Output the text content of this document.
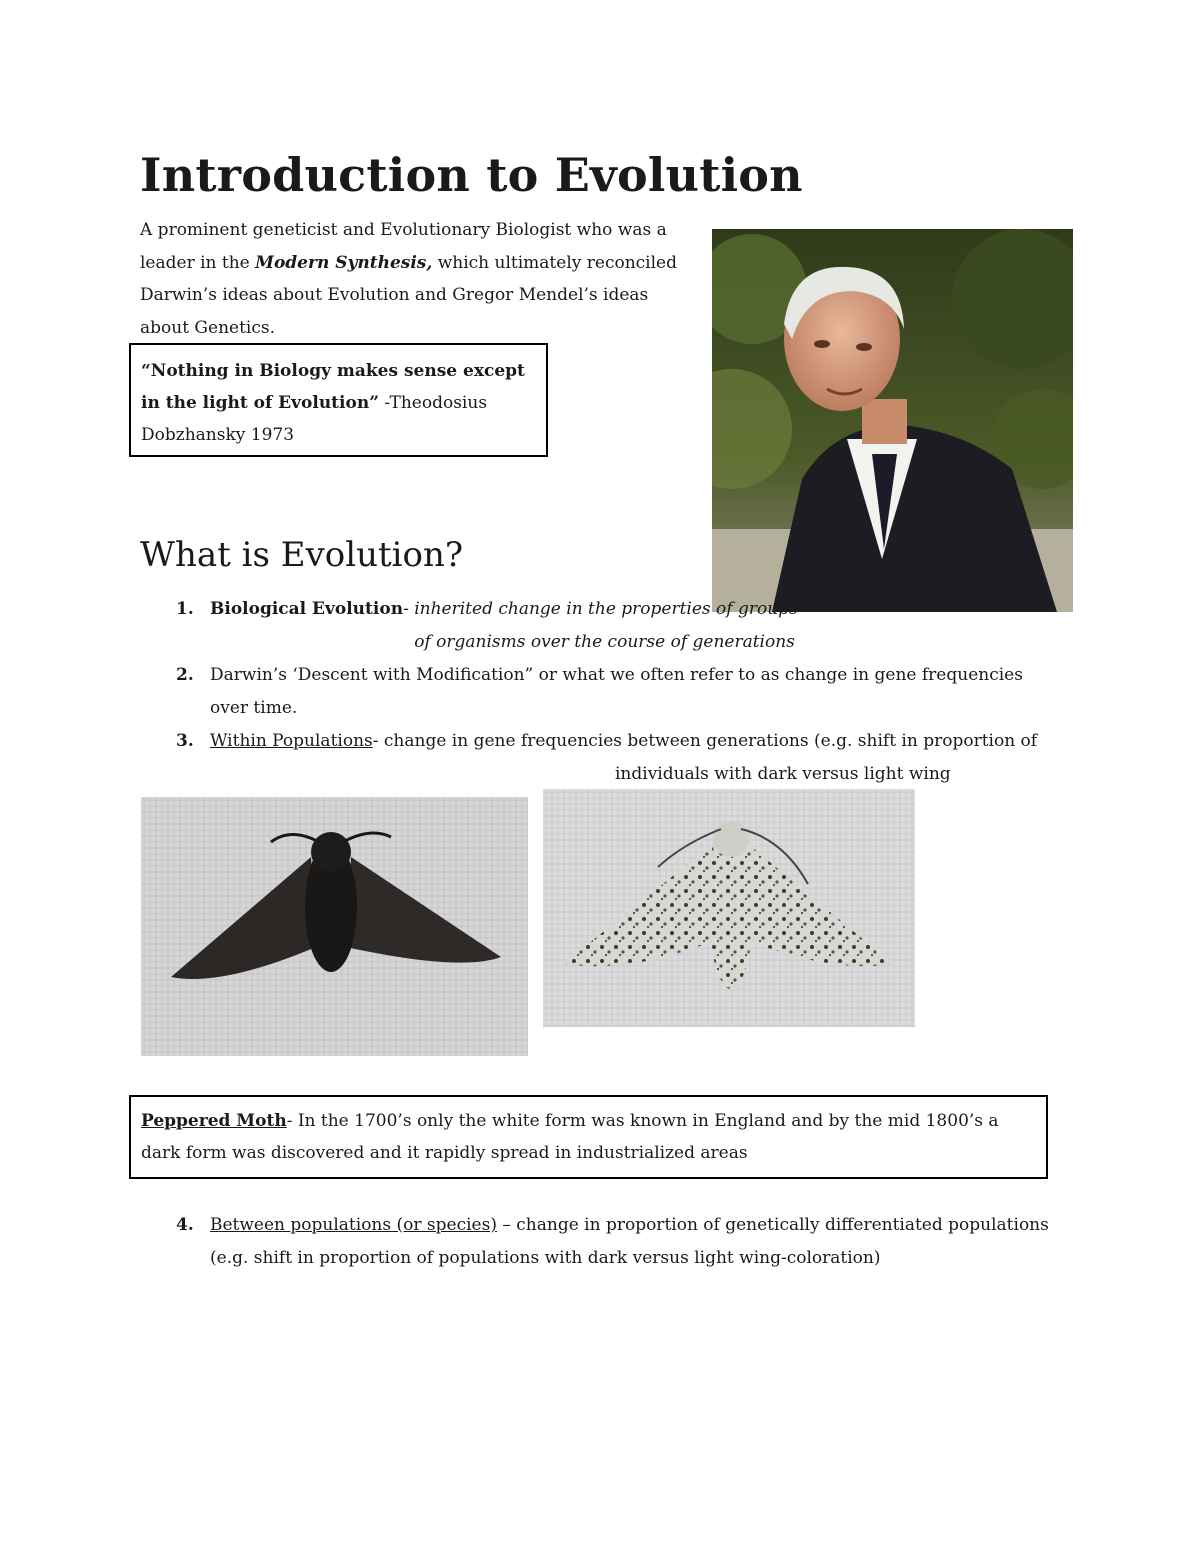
Introduction to Evolution
A prominent geneticist and Evolutionary Biologist who was a leader in the Modern Synthesis, which ultimately reconciled Darwin’s ideas about Evolution and Gregor Mendel’s ideas about Genetics.
“Nothing in Biology makes sense except in the light of Evolution” -Theodosius Dobzhansky 1973
What is Evolution?
1. Biological Evolution- inherited change in the properties of groups of organisms over the course of generations
2. Darwin’s ‘Descent with Modification” or what we often refer to as change in gene frequencies over time.
3. Within Populations- change in gene frequencies between generations (e.g. shift in proportion of
individuals with dark versus light wing
Peppered Moth- In the 1700’s only the white form was known in England and by the mid 1800’s a dark form was discovered and it rapidly spread in industrialized areas
4. Between populations (or species) – change in proportion of genetically differentiated populations (e.g. shift in proportion of populations with dark versus light wing-coloration)
